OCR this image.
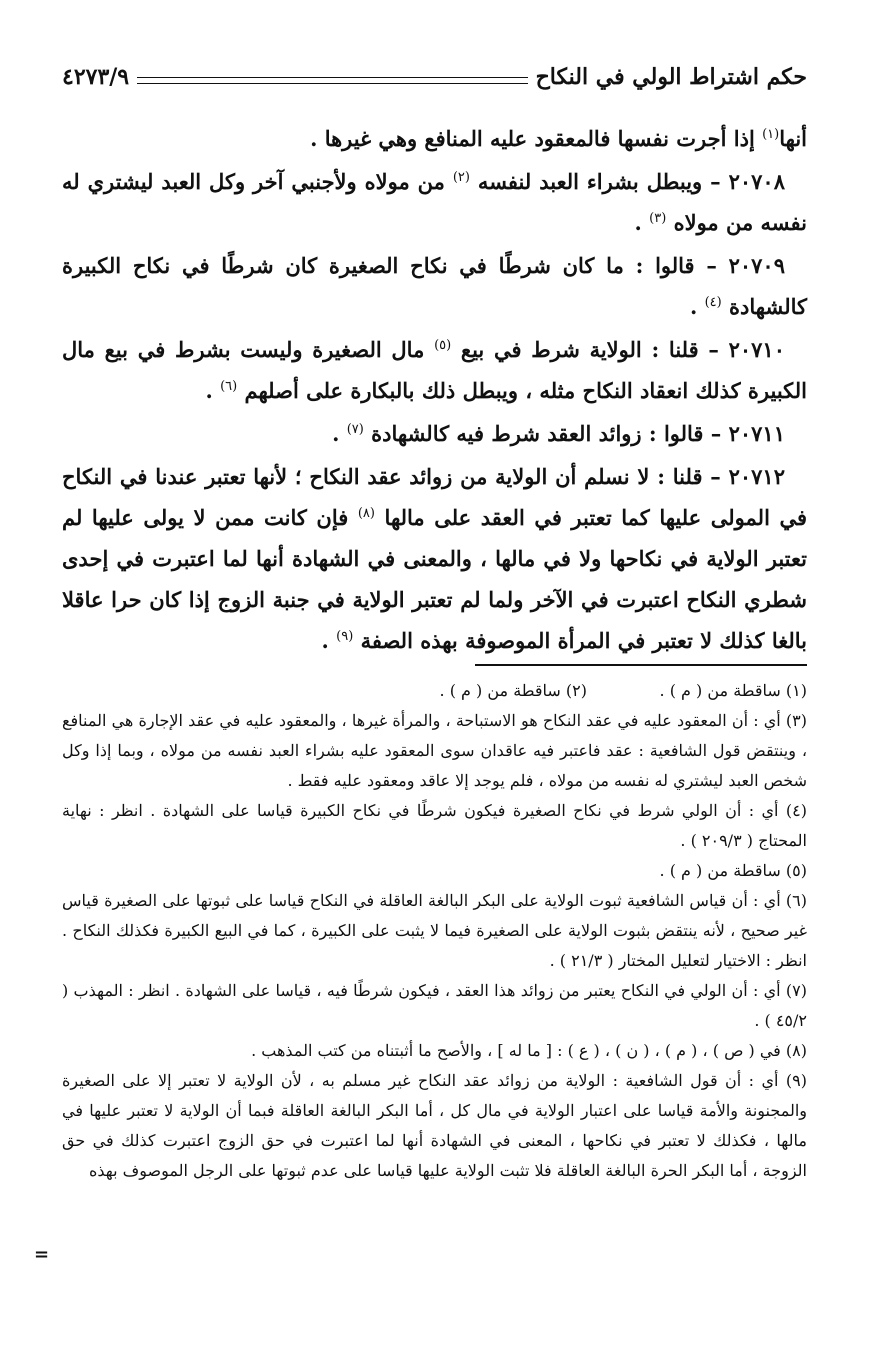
حكم اشتراط الولي في النكاح
٤٢٧٣/٩

أنها$^{(١)}$ إذا أجرت نفسها فالمعقود عليه المنافع وهي غيرها .

٢٠٧٠٨ – ويبطل بشراء العبد لنفسه $^{(٢)}$ من مولاه ولأجنبي آخر وكل العبد ليشتري له نفسه من مولاه $^{(٣)}$ .

٢٠٧٠٩ – قالوا : ما كان شرطًا في نكاح الصغيرة كان شرطًا في نكاح الكبيرة كالشهادة $^{(٤)}$ .

٢٠٧١٠ – قلنا : الولاية شرط في بيع $^{(٥)}$ مال الصغيرة وليست بشرط في بيع مال الكبيرة كذلك انعقاد النكاح مثله ، ويبطل ذلك بالبكارة على أصلهم $^{(٦)}$ .

٢٠٧١١ – قالوا : زوائد العقد شرط فيه كالشهادة $^{(٧)}$ .

٢٠٧١٢ – قلنا : لا نسلم أن الولاية من زوائد عقد النكاح ؛ لأنها تعتبر عندنا في النكاح في المولى عليها كما تعتبر في العقد على مالها $^{(٨)}$ فإن كانت ممن لا يولى عليها لم تعتبر الولاية في نكاحها ولا في مالها ، والمعنى في الشهادة أنها لما اعتبرت في إحدى شطري النكاح اعتبرت في الآخر ولما لم تعتبر الولاية في جنبة الزوج إذا كان حرا عاقلا بالغا كذلك لا تعتبر في المرأة الموصوفة بهذه الصفة $^{(٩)}$ .

(١) ساقطة من ( م ) .
(٢) ساقطة من ( م ) .

(٣) أي : أن المعقود عليه في عقد النكاح هو الاستباحة ، والمرأة غيرها ، والمعقود عليه في عقد الإجارة هي المنافع ، وينتقض قول الشافعية : عقد فاعتبر فيه عاقدان سوى المعقود عليه بشراء العبد نفسه من مولاه ، وبما إذا وكل شخص العبد ليشتري له نفسه من مولاه ، فلم يوجد إلا عاقد ومعقود عليه فقط .

(٤) أي : أن الولي شرط في نكاح الصغيرة فيكون شرطًا في نكاح الكبيرة قياسا على الشهادة . انظر : نهاية المحتاج ( ٢٠٩/٣ ) .

(٥) ساقطة من ( م ) .

(٦) أي : أن قياس الشافعية ثبوت الولاية على البكر البالغة العاقلة في النكاح قياسا على ثبوتها على الصغيرة قياس غير صحيح ، لأنه ينتقض بثبوت الولاية على الصغيرة فيما لا يثبت على الكبيرة ، كما في البيع الكبيرة فكذلك النكاح . انظر : الاختيار لتعليل المختار ( ٢١/٣ ) .

(٧) أي : أن الولي في النكاح يعتبر من زوائد هذا العقد ، فيكون شرطًا فيه ، قياسا على الشهادة . انظر : المهذب ( ٤٥/٢ ) .

(٨) في ( ص ) ، ( م ) ، ( ن ) ، ( ع ) : [ ما له ] ، والأصح ما أثبتناه من كتب المذهب .

(٩) أي : أن قول الشافعية : الولاية من زوائد عقد النكاح غير مسلم به ، لأن الولاية لا تعتبر إلا على الصغيرة والمجنونة والأمة قياسا على اعتبار الولاية في مال كل ، أما البكر البالغة العاقلة فبما أن الولاية لا تعتبر عليها في مالها ، فكذلك لا تعتبر في نكاحها ، المعنى في الشهادة أنها لما اعتبرت في حق الزوج اعتبرت كذلك في حق الزوجة ، أما البكر الحرة البالغة العاقلة فلا تثبت الولاية عليها قياسا على عدم ثبوتها على الرجل الموصوف بهذه

=
